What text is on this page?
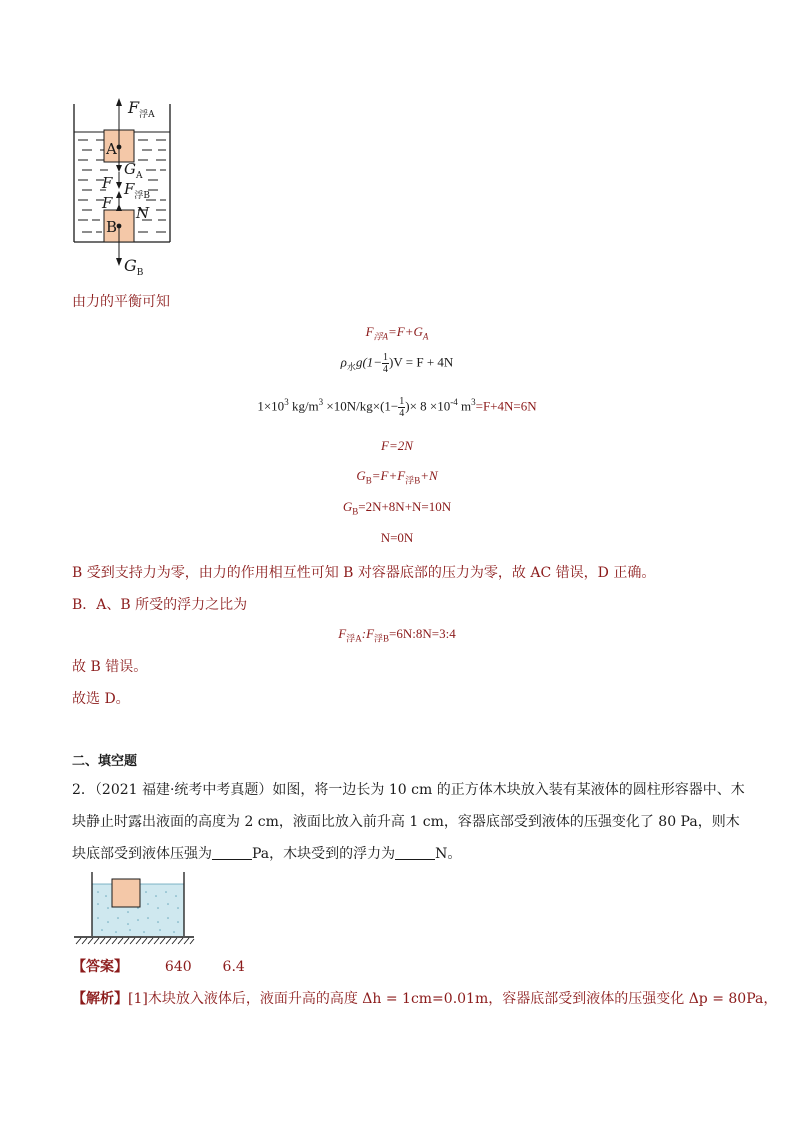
$F_{浮A}$
A
$G_A$
F $F_{浮B}$
F
N
B
$G_B$
由力的平衡可知
$F_{浮A}=F+G_A$
$\rho_水g(1- \frac{1}{4} )V = F + 4N$
$1\times 10^3$ $kg/m^3 \times 10N/kg\times(1- \frac{1}{4}$ )× $8 \times 10^{-4}$ $m^3=F+4N=6N$
F=2N
$G_B=F+F_{浮B}+N$
$G_B=2N+8N+N=10N$
N=0N
B 受到支持力为零，由力的作用相互性可知 B 对容器底部的压力为零，故 AC 错误，D 正确。
B．A、B 所受的浮力之比为
$F_{浮A}:F_{浮B}=6N:8N=3:4$
故 B 错误。
故选 D。
二、填空题
2．（2021 福建·统考中考真题）如图，将一边长为 10 cm 的正方体木块放入装有某液体的圆柱形容器中、木
块静止时露出液面的高度为 2 cm，液面比放入前升高 1 cm，容器底部受到液体的压强变化了 80 Pa，则木
块底部受到液体压强为	Pa，木块受到的浮力为	N。
【答案】	640 6.4
【解析】[1]木块放入液体后，液面升高的高度 Δh = 1cm=0.01m，容器底部受到液体的压强变化 Δp = 80Pa，
